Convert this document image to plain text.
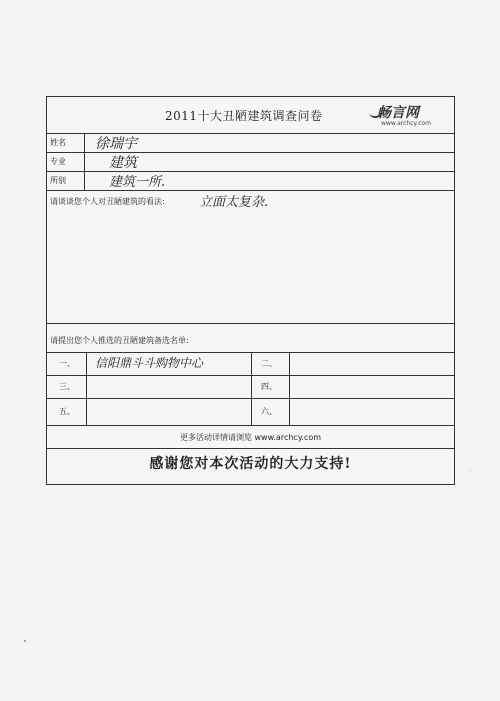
2011十大丑陋建筑调查问卷	畅言网
www.archcy.com
姓名 徐瑞宇
专业	建筑
所别	建筑一所.
请谈谈您个人对丑陋建筑的看法:	立面太复杂.
请提出您个人推选的丑陋建筑备选名单:
一、 信阳鼎斗斗购物中心	二、
三、	四、
五、	六、
更多活动详情请浏览 www.archcy.com
感谢您对本次活动的大力支持!
